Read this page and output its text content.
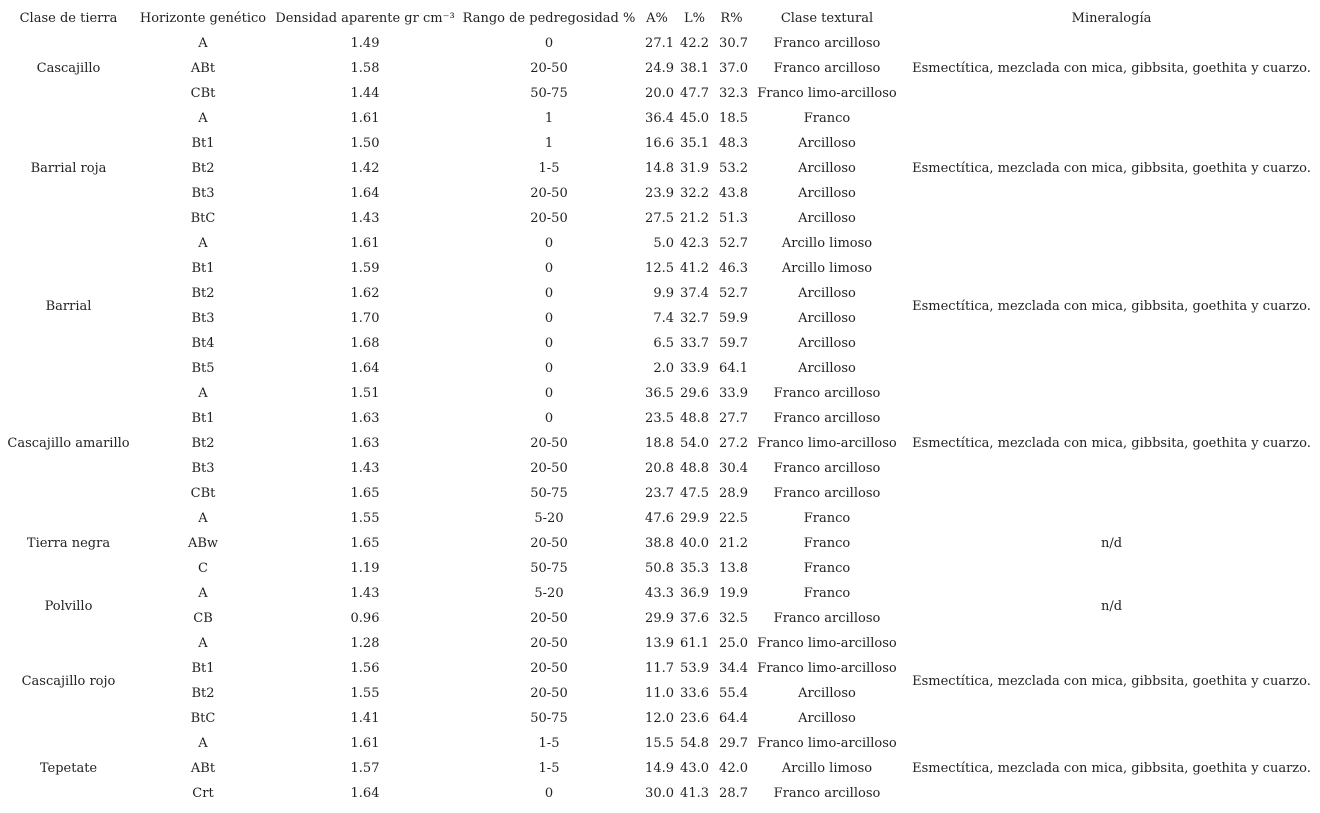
Clase de tierra	Horizonte genético	Densidad aparente gr cm⁻³	Rango de pedregosidad %	A%	L%	R%	Clase textural	Mineralogía
Cascajillo	A	1.49	0	27.1	42.2	30.7	Franco arcilloso	Esmectítica, mezclada con mica, gibbsita, goethita y cuarzo.
	ABt	1.58	20-50	24.9	38.1	37.0	Franco arcilloso	
	CBt	1.44	50-75	20.0	47.7	32.3	Franco limo-arcilloso	
Barrial roja	A	1.61	1	36.4	45.0	18.5	Franco	Esmectítica, mezclada con mica, gibbsita, goethita y cuarzo.
	Bt1	1.50	1	16.6	35.1	48.3	Arcilloso	
	Bt2	1.42	1-5	14.8	31.9	53.2	Arcilloso	
	Bt3	1.64	20-50	23.9	32.2	43.8	Arcilloso	
	BtC	1.43	20-50	27.5	21.2	51.3	Arcilloso	
Barrial	A	1.61	0	5.0	42.3	52.7	Arcillo limoso	Esmectítica, mezclada con mica, gibbsita, goethita y cuarzo.
	Bt1	1.59	0	12.5	41.2	46.3	Arcillo limoso	
	Bt2	1.62	0	9.9	37.4	52.7	Arcilloso	
	Bt3	1.70	0	7.4	32.7	59.9	Arcilloso	
	Bt4	1.68	0	6.5	33.7	59.7	Arcilloso	
	Bt5	1.64	0	2.0	33.9	64.1	Arcilloso	
Cascajillo amarillo	A	1.51	0	36.5	29.6	33.9	Franco arcilloso	Esmectítica, mezclada con mica, gibbsita, goethita y cuarzo.
	Bt1	1.63	0	23.5	48.8	27.7	Franco arcilloso	
	Bt2	1.63	20-50	18.8	54.0	27.2	Franco limo-arcilloso	
	Bt3	1.43	20-50	20.8	48.8	30.4	Franco arcilloso	
	CBt	1.65	50-75	23.7	47.5	28.9	Franco arcilloso	
Tierra negra	A	1.55	5-20	47.6	29.9	22.5	Franco	n/d
	ABw	1.65	20-50	38.8	40.0	21.2	Franco	
	C	1.19	50-75	50.8	35.3	13.8	Franco	
Polvillo	A	1.43	5-20	43.3	36.9	19.9	Franco	n/d
	CB	0.96	20-50	29.9	37.6	32.5	Franco arcilloso	
Cascajillo rojo	A	1.28	20-50	13.9	61.1	25.0	Franco limo-arcilloso	Esmectítica, mezclada con mica, gibbsita, goethita y cuarzo.
	Bt1	1.56	20-50	11.7	53.9	34.4	Franco limo-arcilloso	
	Bt2	1.55	20-50	11.0	33.6	55.4	Arcilloso	
	BtC	1.41	50-75	12.0	23.6	64.4	Arcilloso	
Tepetate	A	1.61	1-5	15.5	54.8	29.7	Franco limo-arcilloso	Esmectítica, mezclada con mica, gibbsita, goethita y cuarzo.
	ABt	1.57	1-5	14.9	43.0	42.0	Arcillo limoso	
	Crt	1.64	0	30.0	41.3	28.7	Franco arcilloso	
